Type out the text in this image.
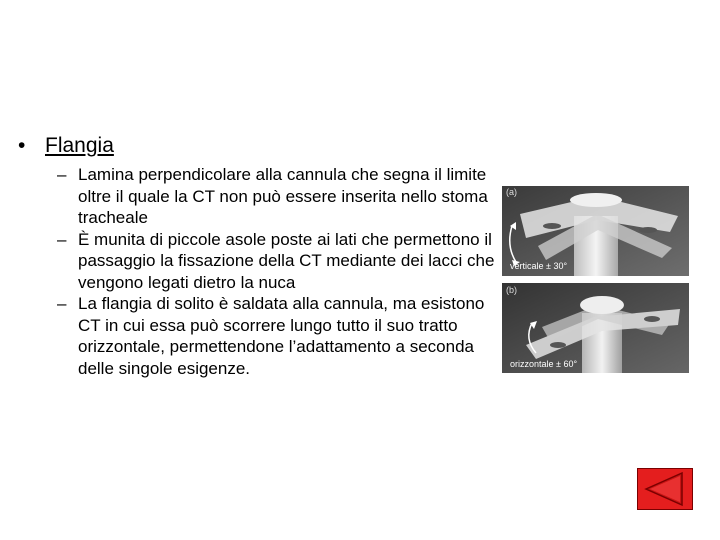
• Flangia
– Lamina perpendicolare alla cannula che segna il limite oltre il quale la CT non può essere inserita nello stoma tracheale
– È munita di piccole asole poste ai lati che permettono il passaggio la fissazione della CT mediante dei lacci che vengono legati dietro la nuca
– La flangia di solito è saldata alla cannula, ma esistono CT in cui essa può scorrere lungo tutto il suo tratto orizzontale, permettendone l’adattamento a seconda delle singole esigenze.
(a)
verticale ± 30°
(b)
orizzontale ± 60°
